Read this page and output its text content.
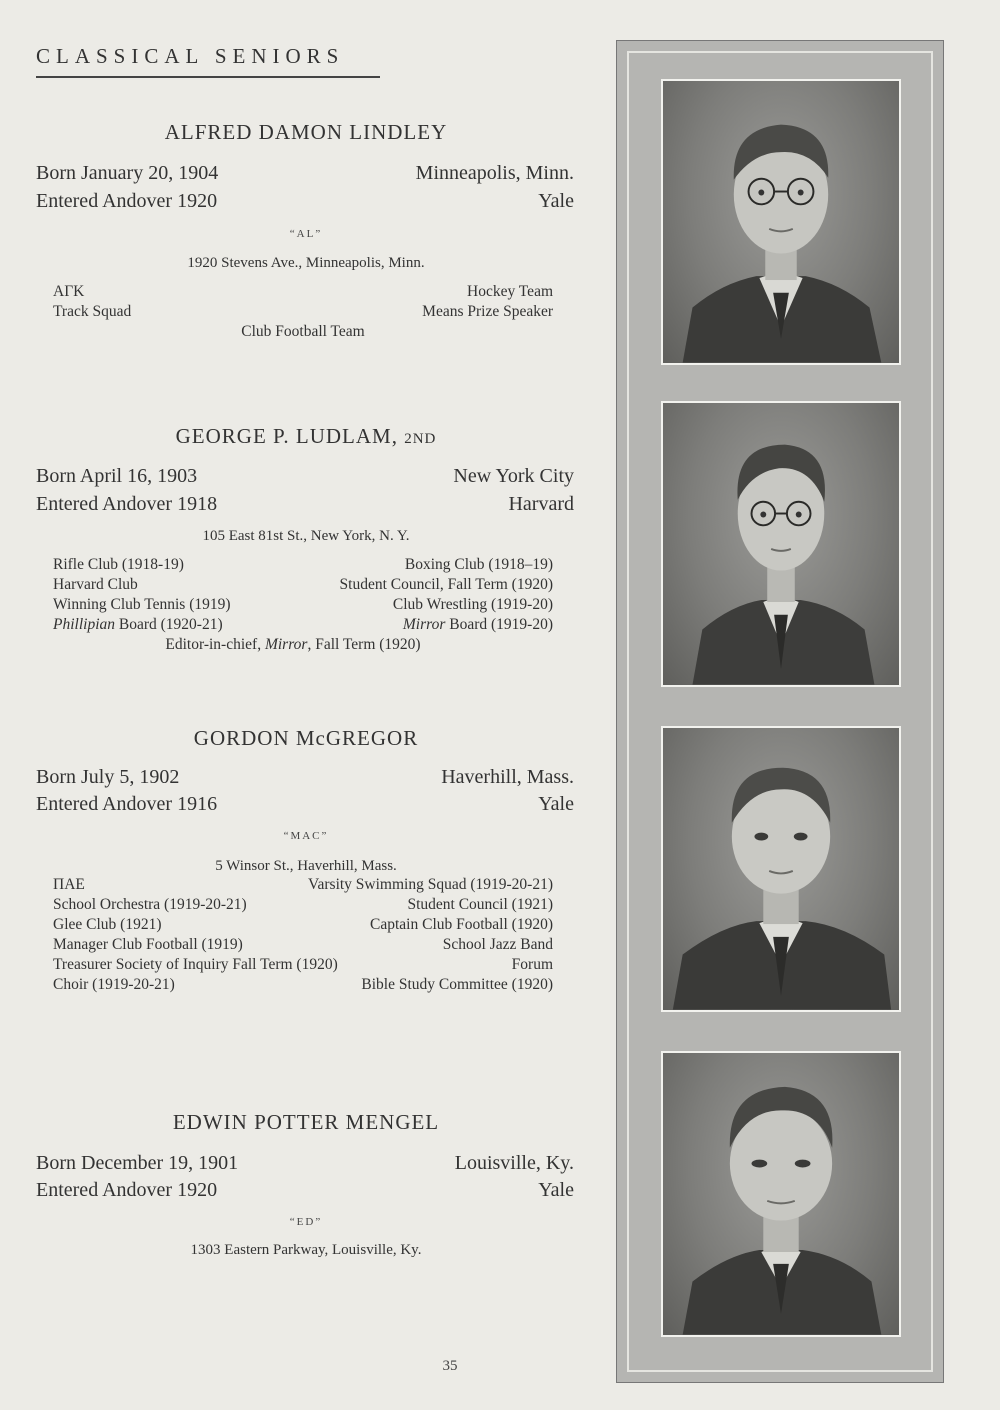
CLASSICAL SENIORS
ALFRED DAMON LINDLEY
Born January 20, 1904	Minneapolis, Minn.
Entered Andover 1920	Yale
“AL”
1920 Stevens Ave., Minneapolis, Minn.
ΑΓΚ	Hockey Team
Track Squad	Means Prize Speaker
Club Football Team
GEORGE P. LUDLAM, 2ND
Born April 16, 1903	New York City
Entered Andover 1918	Harvard
105 East 81st St., New York, N. Y.
Rifle Club (1918-19)	Boxing Club (1918–19)
Harvard Club	Student Council, Fall Term (1920)
Winning Club Tennis (1919)	Club Wrestling (1919-20)
Phillipian Board (1920-21)	Mirror Board (1919-20)
Editor-in-chief, Mirror, Fall Term (1920)
GORDON McGREGOR
Born July 5, 1902	Haverhill, Mass.
Entered Andover 1916	Yale
“MAC”
5 Winsor St., Haverhill, Mass.
ΠΑΕ	Varsity Swimming Squad (1919-20-21)
School Orchestra (1919-20-21)	Student Council (1921)
Glee Club (1921)	Captain Club Football (1920)
Manager Club Football (1919)	School Jazz Band
Treasurer Society of Inquiry Fall Term (1920)	Forum
Choir (1919-20-21)	Bible Study Committee (1920)
EDWIN POTTER MENGEL
Born December 19, 1901	Louisville, Ky.
Entered Andover 1920	Yale
“ED”
1303 Eastern Parkway, Louisville, Ky.
35
